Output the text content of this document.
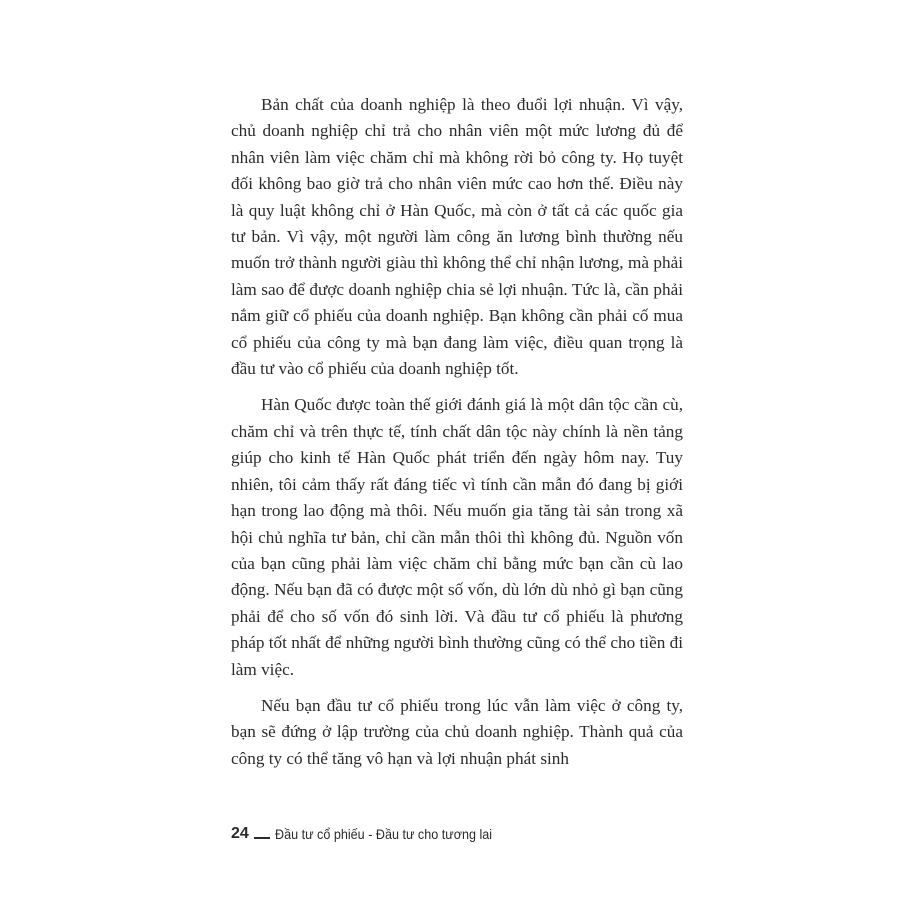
Bản chất của doanh nghiệp là theo đuổi lợi nhuận. Vì vậy, chủ doanh nghiệp chỉ trả cho nhân viên một mức lương đủ để nhân viên làm việc chăm chỉ mà không rời bỏ công ty. Họ tuyệt đối không bao giờ trả cho nhân viên mức cao hơn thế. Điều này là quy luật không chỉ ở Hàn Quốc, mà còn ở tất cả các quốc gia tư bản. Vì vậy, một người làm công ăn lương bình thường nếu muốn trở thành người giàu thì không thể chỉ nhận lương, mà phải làm sao để được doanh nghiệp chia sẻ lợi nhuận. Tức là, cần phải nắm giữ cổ phiếu của doanh nghiệp. Bạn không cần phải cố mua cổ phiếu của công ty mà bạn đang làm việc, điều quan trọng là đầu tư vào cổ phiếu của doanh nghiệp tốt.

Hàn Quốc được toàn thế giới đánh giá là một dân tộc cần cù, chăm chỉ và trên thực tế, tính chất dân tộc này chính là nền tảng giúp cho kinh tế Hàn Quốc phát triển đến ngày hôm nay. Tuy nhiên, tôi cảm thấy rất đáng tiếc vì tính cần mẫn đó đang bị giới hạn trong lao động mà thôi. Nếu muốn gia tăng tài sản trong xã hội chủ nghĩa tư bản, chỉ cần mẫn thôi thì không đủ. Nguồn vốn của bạn cũng phải làm việc chăm chỉ bằng mức bạn cần cù lao động. Nếu bạn đã có được một số vốn, dù lớn dù nhỏ gì bạn cũng phải để cho số vốn đó sinh lời. Và đầu tư cổ phiếu là phương pháp tốt nhất để những người bình thường cũng có thể cho tiền đi làm việc.

Nếu bạn đầu tư cổ phiếu trong lúc vẫn làm việc ở công ty, bạn sẽ đứng ở lập trường của chủ doanh nghiệp. Thành quả của công ty có thể tăng vô hạn và lợi nhuận phát sinh

24 Đầu tư cổ phiếu - Đầu tư cho tương lai
